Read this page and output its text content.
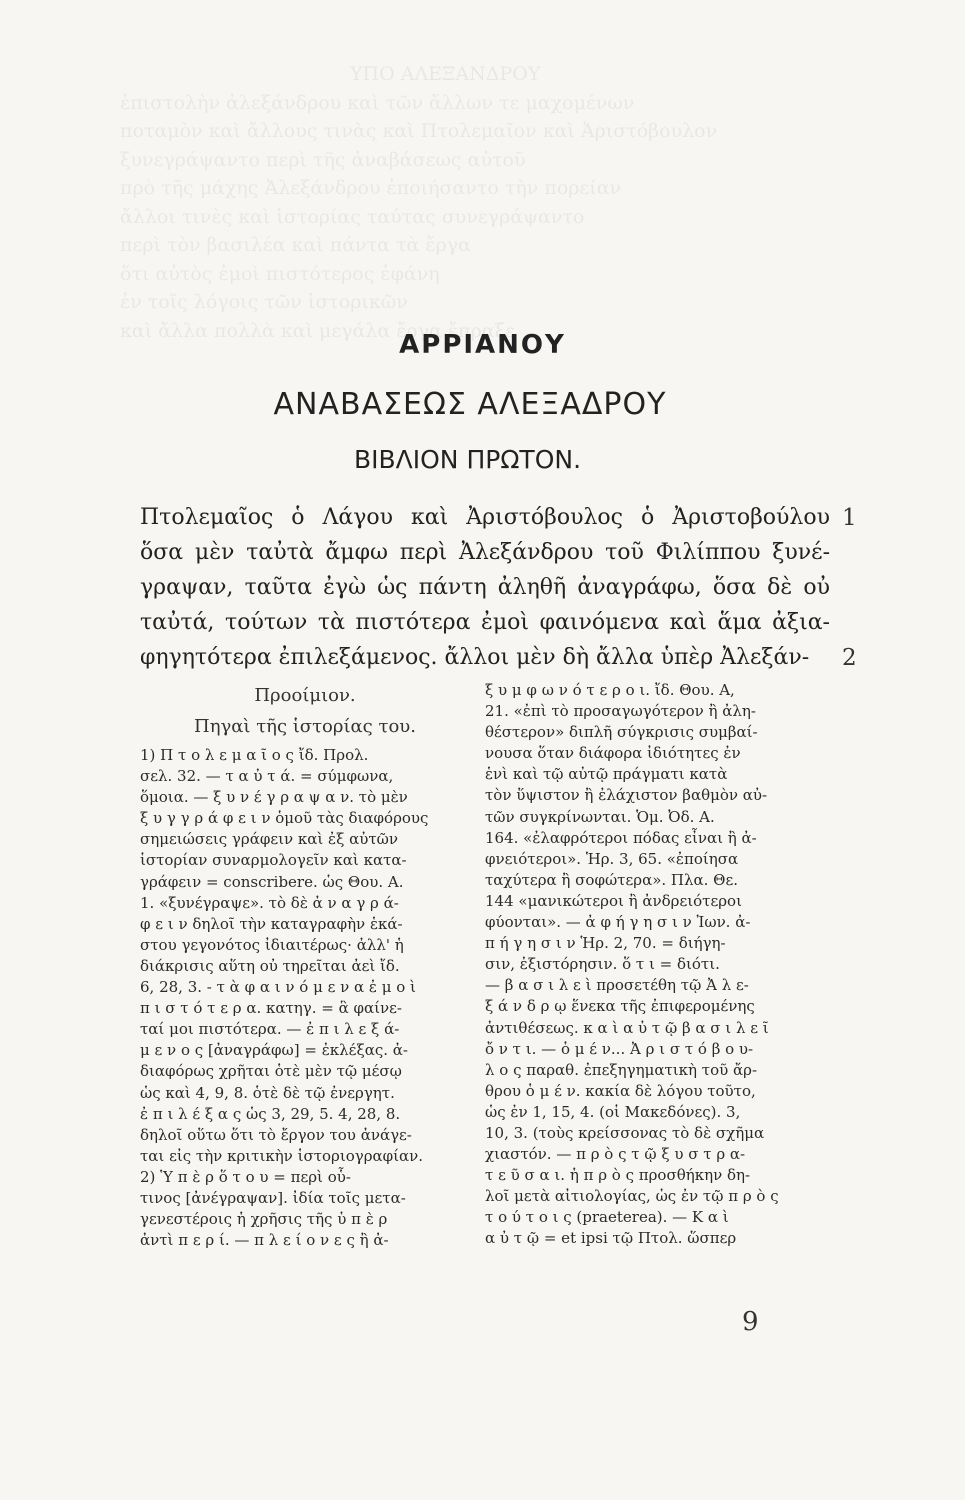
ΥΠΟ ΑΛΕΞΑΝΔΡΟΥ
ἐπιστολὴν ἀλεξάνδρου καὶ τῶν ἄλλων τε μαχομένων
ποταμὸν καὶ ἄλλους τινὰς καὶ Πτολεμαῖον καὶ Ἀριστόβουλον
ξυνεγράψαντο περὶ τῆς ἀναβάσεως αὐτοῦ
πρὸ τῆς μάχης Ἀλεξάνδρου ἐποιήσαντο τὴν πορείαν
ἄλλοι τινὲς καὶ ἱστορίας ταύτας συνεγράψαντο
περὶ τὸν βασιλέα καὶ πάντα τὰ ἔργα
ὅτι αὐτὸς ἐμοὶ πιστότερος ἐφάνη
ἐν τοῖς λόγοις τῶν ἱστορικῶν
καὶ ἄλλα πολλὰ καὶ μεγάλα ἔργα ἔπραξε
ΑΡΡΙΑΝΟΥ
ΑΝΑΒΑΣΕΩΣ ΑΛΕΞΑΔΡΟΥ
ΒΙΒΛΙΟΝ ΠΡΩΤΟΝ.
Πτολεμαῖος ὁ Λάγου καὶ Ἀριστόβουλος ὁ Ἀριστοβούλου
ὅσα μὲν ταὐτὰ ἄμφω περὶ Ἀλεξάνδρου τοῦ Φιλίππου ξυνέ-
γραψαν, ταῦτα ἐγὼ ὡς πάντη ἀληθῆ ἀναγράφω, ὅσα δὲ οὐ
ταὐτά, τούτων τὰ πιστότερα ἐμοὶ φαινόμενα καὶ ἅμα ἀξια-
φηγητότερα ἐπιλεξάμενος. ἄλλοι μὲν δὴ ἄλλα ὑπὲρ Ἀλεξάν-
1
2
Προοίμιον.
Πηγαὶ τῆς ἱστορίας του.
1) Π τ ο λ ε μ α ῖ ο ς ἴδ. Προλ.
σελ. 32. — τ α ὐ τ ά. = σύμφωνα,
ὅμοια. — ξ υ ν έ γ ρ α ψ α ν. τὸ μὲν
ξ υ γ γ ρ ά φ ε ι ν ὁμοῦ τὰς διαφόρους
σημειώσεις γράφειν καὶ ἐξ αὐτῶν
ἱστορίαν συναρμολογεῖν καὶ κατα-
γράφειν = conscribere. ὡς Θου. Α.
1. «ξυνέγραψε». τὸ δὲ ἀ ν α γ ρ ά-
φ ε ι ν δηλοῖ τὴν καταγραφὴν ἑκά-
στου γεγονότος ἰδιαιτέρως· ἀλλ' ἡ
διάκρισις αὕτη οὐ τηρεῖται ἀεὶ ἴδ.
6, 28, 3. - τ ὰ φ α ι ν ό μ ε ν α ἐ μ ο ὶ
π ι σ τ ό τ ε ρ α. κατηγ. = ἃ φαίνε-
ταί μοι πιστότερα. — ἐ π ι λ ε ξ ά-
μ ε ν ο ς [ἀναγράφω] = ἐκλέξας. ἀ-
διαφόρως χρῆται ὁτὲ μὲν τῷ μέσῳ
ὡς καὶ 4, 9, 8. ὁτὲ δὲ τῷ ἐνεργητ.
ἐ π ι λ έ ξ α ς ὡς 3, 29, 5. 4, 28, 8.
δηλοῖ οὕτω ὅτι τὸ ἔργον του ἀνάγε-
ται εἰς τὴν κριτικὴν ἱστοριογραφίαν.
2) Ὑ π ὲ ρ ὅ τ ο υ = περὶ οὗ-
τινος [ἀνέγραψαν]. ἰδία τοῖς μετα-
γενεστέροις ἡ χρῆσις τῆς ὑ π ὲ ρ
ἀντὶ π ε ρ ί. — π λ ε ί ο ν ε ς ἢ ἀ-
ξ υ μ φ ω ν ό τ ε ρ ο ι. ἴδ. Θου. Α,
21. «ἐπὶ τὸ προσαγωγότερον ἢ ἀλη-
θέστερον» διπλῆ σύγκρισις συμβαί-
νουσα ὅταν διάφορα ἰδιότητες ἐν
ἑνὶ καὶ τῷ αὐτῷ πράγματι κατὰ
τὸν ὕψιστον ἢ ἐλάχιστον βαθμὸν αὐ-
τῶν συγκρίνωνται. Ὁμ. Ὀδ. Α.
164. «ἐλαφρότεροι πόδας εἶναι ἢ ἀ-
φνειότεροι». Ἡρ. 3, 65. «ἐποίησα
ταχύτερα ἢ σοφώτερα». Πλα. Θε.
144 «μανικώτεροι ἢ ἀνδρειότεροι
φύονται». — ἀ φ ή γ η σ ι ν Ἰων. ἀ-
π ή γ η σ ι ν Ἡρ. 2, 70. = διήγη-
σιν, ἐξιστόρησιν. ὅ τ ι = διότι.
— β α σ ι λ ε ὶ προσετέθη τῷ Ἀ λ ε-
ξ ά ν δ ρ ῳ ἕνεκα τῆς ἐπιφερομένης
ἀντιθέσεως. κ α ὶ α ὐ τ ῷ β α σ ι λ ε ῖ
ὄ ν τ ι. — ὁ μ έ ν... Ἀ ρ ι σ τ ό β ο υ-
λ ο ς παραθ. ἐπεξηγηματικὴ τοῦ ἄρ-
θρου ὁ μ έ ν. κακία δὲ λόγου τοῦτο,
ὡς ἐν 1, 15, 4. (οἱ Μακεδόνες). 3,
10, 3. (τοὺς κρείσσονας τὸ δὲ σχῆμα
χιαστόν. — π ρ ὸ ς τ ῷ ξ υ σ τ ρ α-
τ ε ῦ σ α ι. ἡ π ρ ὸ ς προσθήκην δη-
λοῖ μετὰ αἰτιολογίας, ὡς ἐν τῷ π ρ ὸ ς
τ ο ύ τ ο ι ς (praeterea). — Κ α ὶ
α ὐ τ ῷ = et ipsi τῷ Πτολ. ὥσπερ
9
